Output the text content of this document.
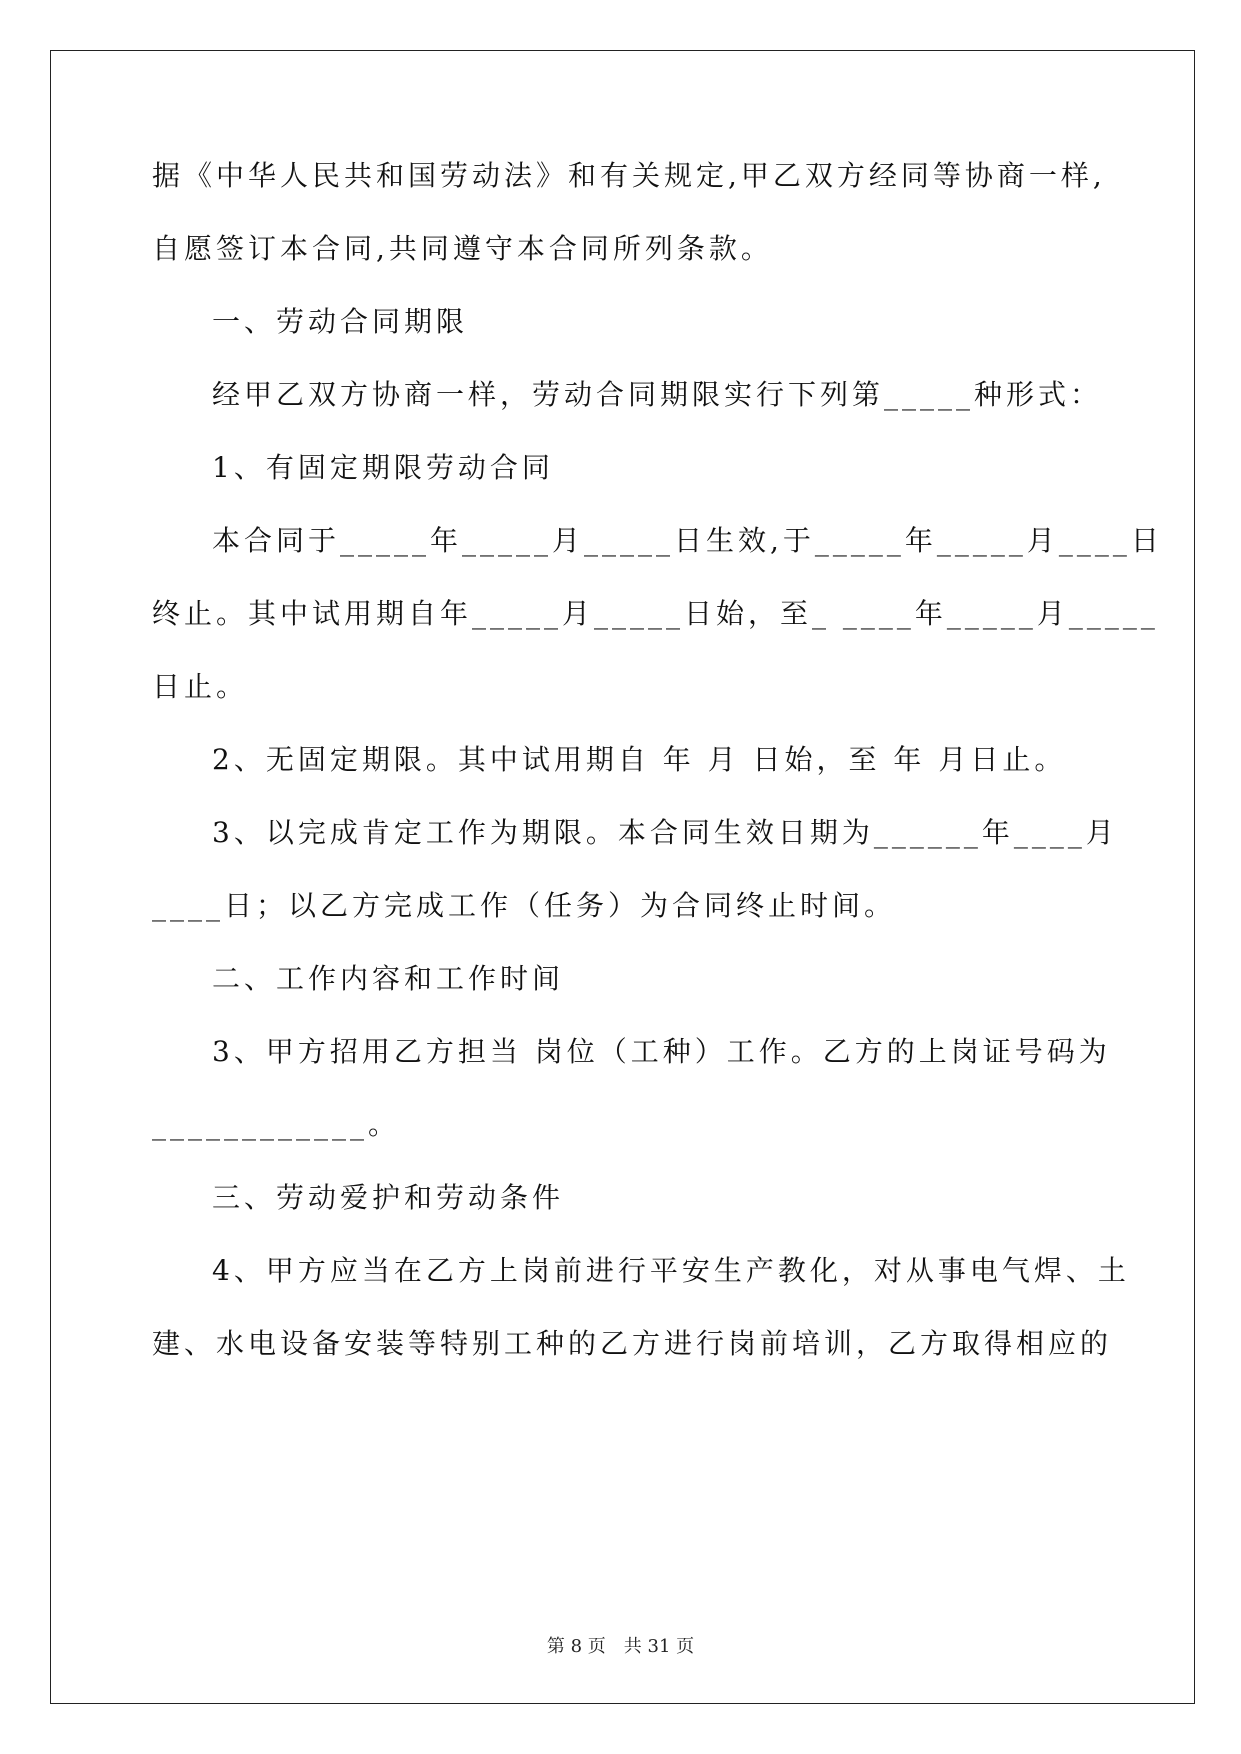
据《中华人民共和国劳动法》和有关规定,甲乙双方经同等协商一样,
自愿签订本合同,共同遵守本合同所列条款。
一、劳动合同期限
经甲乙双方协商一样，劳动合同期限实行下列第_____种形式：
1、有固定期限劳动合同
本合同于_____年_____月_____日生效,于_____年_____月____日
终止。其中试用期自年_____月_____日始，至_ ____年_____月_____
日止。
2、无固定期限。其中试用期自 年 月 日始，至 年 月日止。
3、以完成肯定工作为期限。本合同生效日期为______年____月
____日；以乙方完成工作（任务）为合同终止时间。
二、工作内容和工作时间
3、甲方招用乙方担当 岗位（工种）工作。乙方的上岗证号码为
____________。
三、劳动爱护和劳动条件
4、甲方应当在乙方上岗前进行平安生产教化，对从事电气焊、土
建、水电设备安装等特别工种的乙方进行岗前培训，乙方取得相应的
第 8 页　共 31 页
